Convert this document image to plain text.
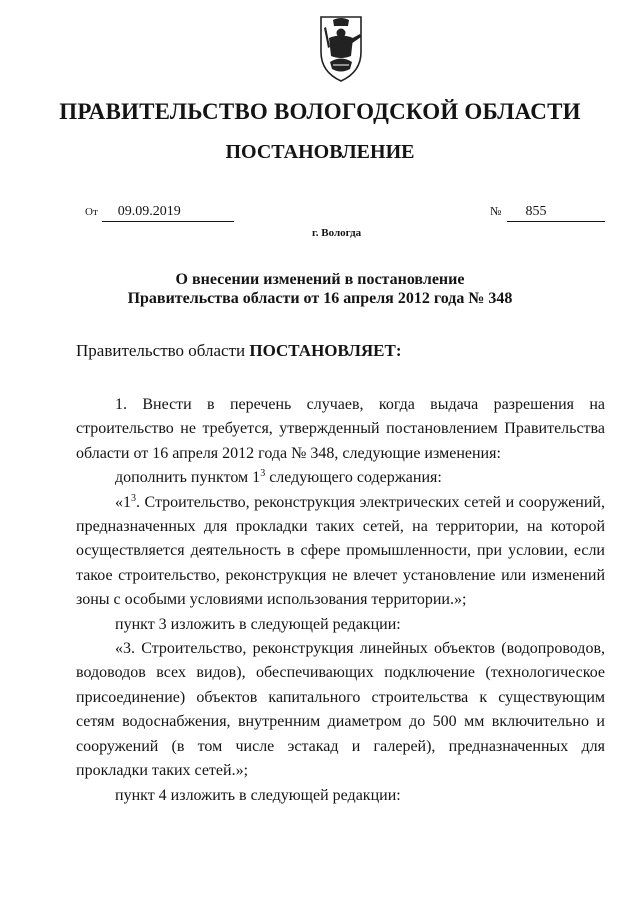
ПРАВИТЕЛЬСТВО ВОЛОГОДСКОЙ ОБЛАСТИ
ПОСТАНОВЛЕНИЕ
От 09.09.2019	№ 855
г. Вологда
О внесении изменений в постановление
Правительства области от 16 апреля 2012 года № 348
Правительство области ПОСТАНОВЛЯЕТ:

1. Внести в перечень случаев, когда выдача разрешения на строительство не требуется, утвержденный постановлением Правительства области от 16 апреля 2012 года № 348, следующие изменения:

дополнить пунктом $1^3$ следующего содержания:

«$1^3$. Строительство, реконструкция электрических сетей и сооружений, предназначенных для прокладки таких сетей, на территории, на которой осуществляется деятельность в сфере промышленности, при условии, если такое строительство, реконструкция не влечет установление или изменений зоны с особыми условиями использования территории.»;

пункт 3 изложить в следующей редакции:

«3. Строительство, реконструкция линейных объектов (водопроводов, водоводов всех видов), обеспечивающих подключение (технологическое присоединение) объектов капитального строительства к существующим сетям водоснабжения, внутренним диаметром до 500 мм включительно и сооружений (в том числе эстакад и галерей), предназначенных для прокладки таких сетей.»;

пункт 4 изложить в следующей редакции:
